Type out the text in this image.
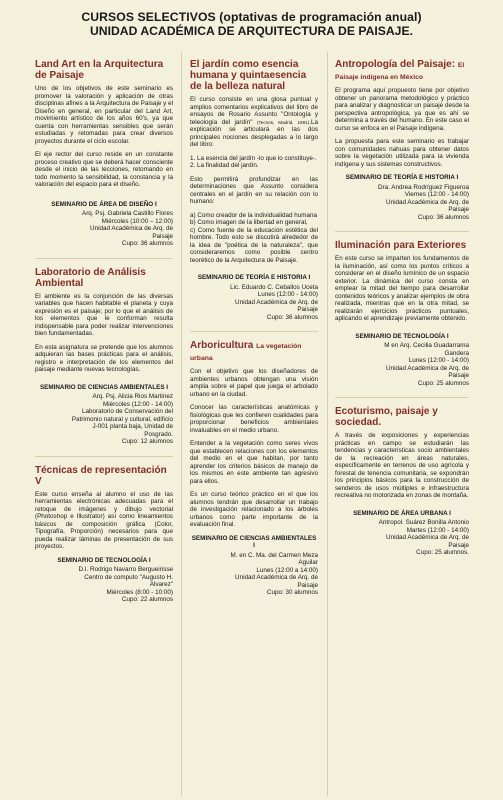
CURSOS SELECTIVOS (optativas de programación anual)
UNIDAD ACADÉMICA DE ARQUITECTURA DE PAISAJE.
Land Art en la Arquitectura de Paisaje

Uno de los objetivos de este seminario es promover la valoración y aplicación de otras disciplinas afines a la Arquitectura de Paisaje y el Diseño en general, en particular del Land Art, movimiento artístico de los años 60's, ya que cuenta con herramientas sensibles que serán estudiadas y retomadas para crear diversos proyectos durante el ciclo escolar.

El eje rector del curso reside en un constante proceso creativo que se deberá hacer consciente desde el inicio de las lecciones, retomando en todo momento la sensibilidad, la constancia y la valoración del espacio para el diseño.

SEMINARIO DE ÁREA DE DISEÑO I
Arq. Psj. Gabriela Castillo Flores
Miércoles (10:00 – 12:00)
Unidad Académica de Arq. de
Paisaje
Cupo: 36 alumnos
Laboratorio de Análisis Ambiental

El ambiente es la conjunción de las diversas variables que hacen habitable el planeta y cuya expresión es el paisaje; por lo que el análisis de los elementos que le conforman resulta indispensable para poder realizar intervenciones bien fundamentadas.

En esta asignatura se pretende que los alumnos adquieran las bases prácticas para el análisis, registro e interpretación de los elementos del paisaje mediante nuevas tecnologías.

SEMINARIO DE CIENCIAS AMBIENTALES I
Arq. Psj. Alicia Rios Martinez
Miércoles (12:00 - 14:00)
Laboratorio de Conservación del
Patrimonio natural y cultural, edificio
J-001 planta baja, Unidad de
Posgrado.
Cupo: 12 alumnos
Técnicas de representación V

Este curso enseña al alumno el uso de las herramientas electrónicas adecuadas para el retoque de imágenes y dibujo vectorial (Photoshop e Illustrator) así como lineamientos básicos de composición gráfica (Color, Tipografía, Proporción) necesarios para que pueda realizar láminas de presentación de sus proyectos.

SEMINARIO DE TECNOLOGÍA I
D.I. Rodrigo Navarro Bergueirisse
Centro de computo "Augusto H.
Alvarez"
Miércoles (8:00 - 10:00)
Cupo: 22 alumnos
El jardín como esencia humana y quintaesencia de la belleza natural

El curso consiste en una glosa puntual y amplios comentarios explicativos del libro de ensayos de Rosario Assunto "Ontología y teleología del jardín" (Tecnos, Madrid, 1991).La explicación se articulará en las dos principales nociones desplegadas a lo largo del libro:

1. La esencia del jardín -lo que lo constituye-.
2. La finalidad del jardín.

Esto permitirá profundizar en las determinaciones que Assunto considera centrales en el jardín en su relación con lo humano:

a) Como creador de la individualidad humana
b) Como imagen de la libertad en general,
c) Como fuente de la educación estética del hombre. Todo esto se discutirá alrededor de la idea de "poética de la naturaleza", que consideraremos como posible centro teorético de la Arquitectura de Paisaje.
SEMINARIO DE TEORÍA E HISTORIA I
Lic. Eduardo C. Ceballos Uceta
Lunes (12:00 - 14:00)
Unidad Académica de Arq. de
Paisaje
Cupo: 36 alumnos
Arboricultura La vegetación urbana

Con el objetivo que los diseñadores de ambientes urbanos obtengan una visión amplia sobre el papel que juega el arbolado urbano en la ciudad.

Conocer las características anatómicas y fisiológicas que les confieren cualidades para proporcionar beneficios ambientales invaluables en el medio urbano.

Entender a la vegetación como seres vivos que establecen relaciones con los elementos del medio en el que habitan, por tanto aprender los criterios básicos de manejo de los mismos en este ambiente tan agresivo para ellos.

Es un curso teórico práctico en el que los alumnos tendrán que desarrollar un trabajo de investigación relacionado a los árboles urbanos como parte importante de la evaluación final.

SEMINARIO DE CIENCIAS AMBIENTALES I
M. en C. Ma. del Carmen Meza
Aguilar
Lunes (12:00 a 14:00)
Unidad Académica de Arq. de
Paisaje
Cupo: 30 alumnos
Antropología del Paisaje: El
Paisaje indígena en México

El programa aquí propuesto tiene por objetivo obtener un panorama metodológico y práctico para analizar y diagnosticar un paisaje desde la perspectiva antropológica, ya que es ahí se determina a través del humano. En este caso el curso se enfoca en el Paisaje indígena.

La propuesta para este seminario es trabajar con comunidades nahuas para obtener datos sobre la vegetación utilizada para la vivienda indígena y sus sistemas constructivos.

SEMINARIO DE TEORÍA E HISTORIA I
Dra. Andrea Rodríguez Figueroa
Viernes (12:00 - 14:00)
Unidad Académica de Arq. de
Paisaje
Cupo: 36 alumnos
Iluminación para Exteriores

En este curso se imparten los fundamentos de la iluminación, así como los puntos críticos a considerar en el diseño lumínico de un espacio exterior. La dinámica del curso consta en emplear la mitad del tiempo para desarrollar contenidos teóricos y analizar ejemplos de obra realizada, mientras que en la otra mitad, se realizarán ejercicios prácticos puntuales, aplicando el aprendizaje previamente obtenido.

SEMINARIO DE TECNOLOGÍA I
M en Arq. Cecilia Guadarrama
Gandera
Lunes (12:00 - 14:00)
Unidad Académica de Arq. de
Paisaje
Cupo: 25 alumnos
Ecoturismo, paisaje y sociedad.

A través de exposiciones y experiencias prácticas en campo se estudiarán las tendencias y características socio ambientales de la recreación en áreas naturales, específicamente en terrenos de uso agrícola y forestal de tenencia comunitaria, se expondrán los principios básicos para la construcción de senderos de usos múltiples e infraestructura recreativa no motorizada en zonas de montaña.

SEMINARIO DE ÁREA URBANA I
Antropol. Suárez Bonilla Antonio
Martes (12:00 - 14:00)
Unidad Académica de Arq. de
Paisaje
Cupo: 25 alumnos.
